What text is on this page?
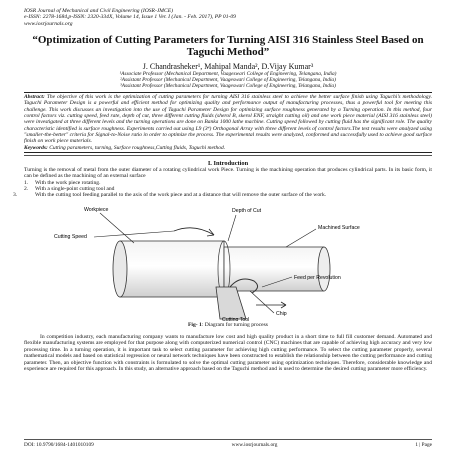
IOSR Journal of Mechanical and Civil Engineering (IOSR-JMCE)
e-ISSN: 2278-1684,p-ISSN: 2320-334X, Volume 14, Issue 1 Ver. I (Jan. - Feb. 2017), PP 01-09
www.iosrjournals.org
“Optimization of Cutting Parameters for Turning AISI 316 Stainless Steel Based on Taguchi Method”
J. Chandrasheker¹, Mahipal Manda², D.Vijay Kumar³
¹Associate Professor (Mechanical Department, Vaageswari College of Engineering, Telangana, India)
²Assistant Professor (Mechanical Department, Vaageswari College of Engineering, Telangana, India)
³Assistant Professor (Mechanical Department, Vaageswari College of Engineering, Telangana, India)
Abstract: The objective of this work is the optimization of cutting parameters for turning AISI 316 stainless steel to achieve the better surface finish using Taguchi’s methodology. Taguchi Parameter Design is a powerful and efficient method for optimizing quality and performance output of manufacturing processes, thus a powerful tool for meeting this challenge. This work discusses an investigation into the use of Taguchi Parameter Design for optimizing surface roughness generated by a Turning operation. In this method, four control factors viz. cutting speed, feed rate, depth of cut, three different cutting fluids (sherol B, skerol ENF, straight cutting oil) and one work piece material (AISI 316 stainless steel) were investigated at three different levels and the turning operations are done on Banka 1000 lathe machine. Cutting speed followed by cutting fluid has the significant role. The quality characteristic identified is surface roughness. Experiments carried out using L9 (3⁴) Orthogonal Array with three different levels of control factors.The test results were analyzed using "smaller-the-better" criteria for Signal-to-Noise ratio in order to optimize the process. The experimental results were analyzed, conformed and successfully used to achieve good surface finish on work piece materials.
Keywords: Cutting parameters, turning, Surface roughness,Cutting fluids, Taguchi method.
I. Introduction
Turning is the removal of metal from the outer diameter of a rotating cylindrical work Piece. Turning is the machining operation that produces cylindrical parts. In its basic form, it can be defined as the machining of an external surface
1. With the work piece rotating.
2. With a single-point cutting tool and
3.	With the cutting tool feeding parallel to the axis of the work piece and at a distance that will remove the outer surface of the work.
Workpiece
Cutting Speed
Depth of Cut
Machined Surface
Feed per Revolution
Chip
Cutting Tool
Fig- 1: Diagram for turning process
In competition industry, each manufacturing company wants to manufacture low cost and high quality product in a short time to full fill customer demand. Automated and flexible manufacturing systems are employed for that purpose along with computerized numerical control (CNC) machines that are capable of achieving high accuracy and very low processing time. In a turning operation, it is important task to select cutting parameter for achieving high cutting performance. To select the cutting parameter properly, several mathematical models and based on statistical regression or neural network techniques have been constructed to establish the relationship between the cutting performance and cutting parameter. Then, an objective function with constraints is formulated to solve the optimal cutting parameter using optimization techniques. Therefore, considerable knowledge and experience are required for this approach. In this study, an alternative approach based on the Taguchi method and is used to determine the desired cutting parameter more efficiency.
DOI: 10.9790/1684-1401010109	www.iosrjournals.org	1 | Page
